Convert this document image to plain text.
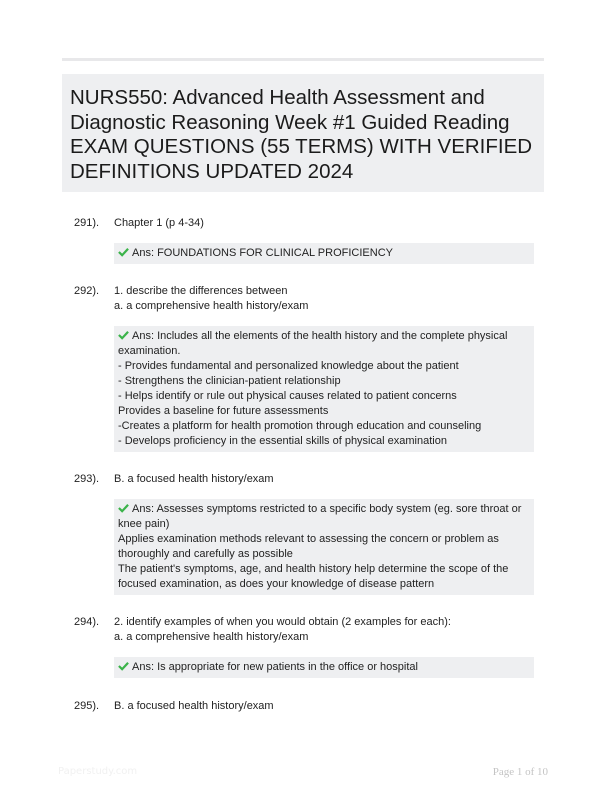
NURS550: Advanced Health Assessment and Diagnostic Reasoning Week #1 Guided Reading EXAM QUESTIONS (55 TERMS) WITH VERIFIED DEFINITIONS UPDATED 2024
291). Chapter 1 (p 4-34)
Ans: FOUNDATIONS FOR CLINICAL PROFICIENCY
292). 1. describe the differences between
a. a comprehensive health history/exam
Ans: Includes all the elements of the health history and the complete physical examination.
- Provides fundamental and personalized knowledge about the patient
- Strengthens the clinician-patient relationship
- Helps identify or rule out physical causes related to patient concerns
Provides a baseline for future assessments
-Creates a platform for health promotion through education and counseling
- Develops proficiency in the essential skills of physical examination
293). B. a focused health history/exam
Ans: Assesses symptoms restricted to a specific body system (eg. sore throat or knee pain)
Applies examination methods relevant to assessing the concern or problem as thoroughly and carefully as possible
The patient's symptoms, age, and health history help determine the scope of the focused examination, as does your knowledge of disease pattern
294). 2. identify examples of when you would obtain (2 examples for each):
a. a comprehensive health history/exam
Ans: Is appropriate for new patients in the office or hospital
295). B. a focused health history/exam
Paperstudy.com	Page 1 of 10
